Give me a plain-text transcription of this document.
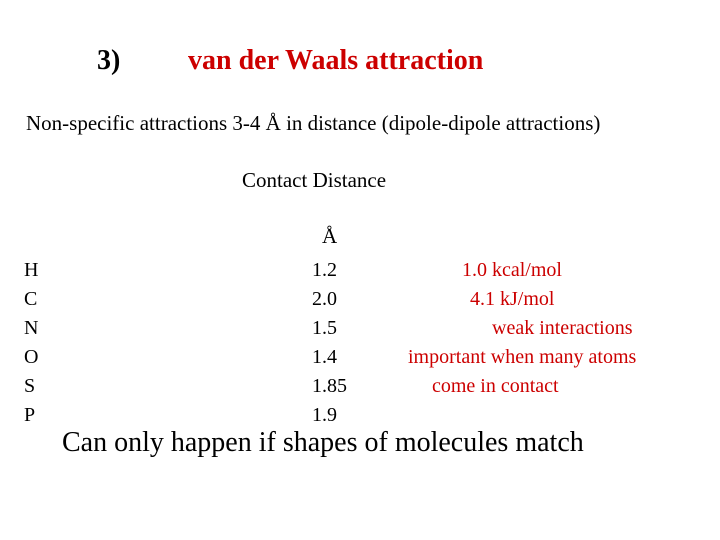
3) van der Waals attraction
Non-specific attractions 3-4 Å in distance (dipole-dipole attractions)
Contact Distance
Å
H
C
N
O
S
P
1.2
2.0
1.5
1.4
1.85
1.9
1.0 kcal/mol
4.1 kJ/mol
weak interactions
important when many atoms
come in contact
Can only happen if shapes of molecules match
